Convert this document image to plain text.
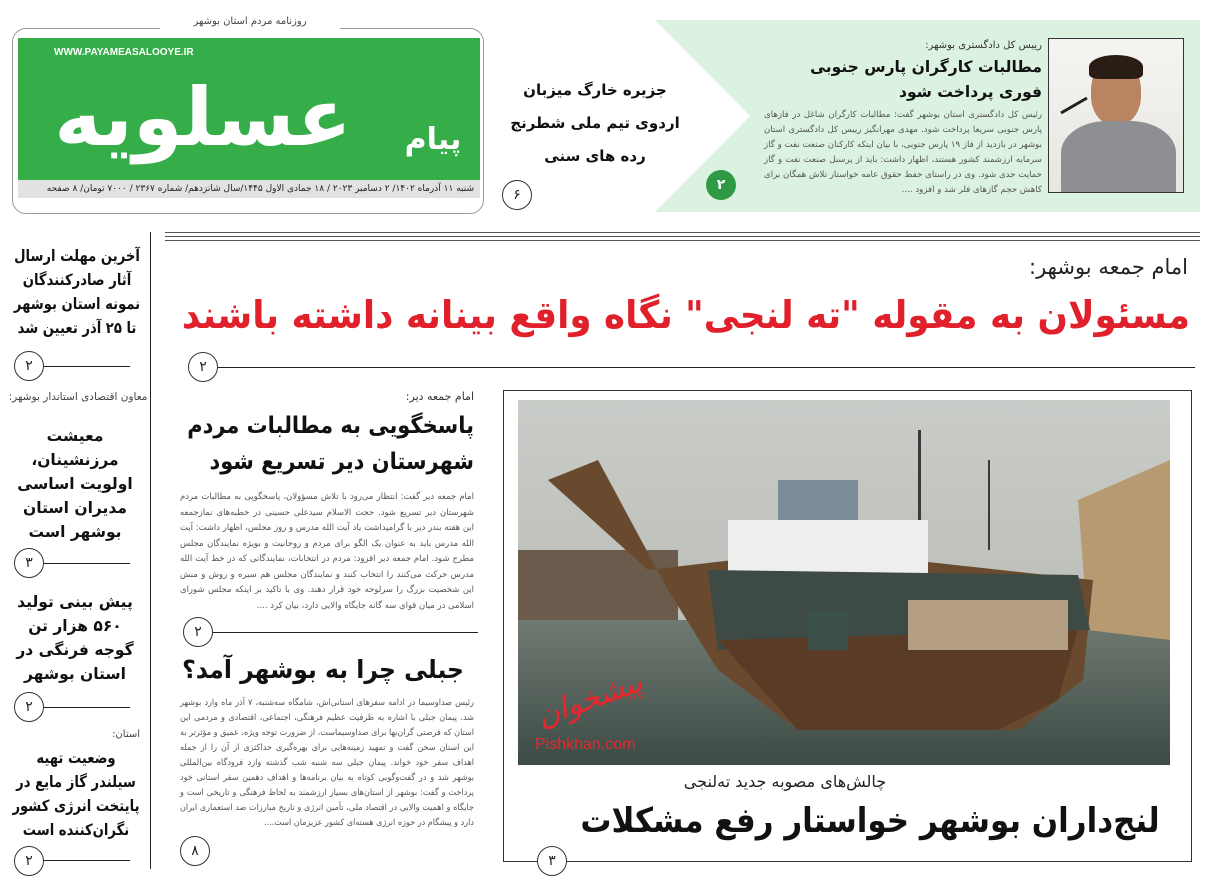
روزنامه مردم استان بوشهر
WWW.PAYAMEASALOOYE.IR
عسلویه	پیام
شنبه ۱۱ آذرماه ۱۴۰۲/ ۲ دسامبر ۲۰۲۳ / ۱۸ جمادی الاول ۱۴۴۵/سال شانزدهم/ شماره ۲۳۶۷ / ۷۰۰۰ تومان/ ۸ صفحه
جزیره خارگ میزبان
اردوی تیم ملی شطرنج
رده های سنی
۶
رییس کل دادگستری بوشهر:
مطالبات کارگران پارس جنوبی فوری پرداخت شود
رئیس کل دادگستری استان بوشهر گفت: مطالبات کارگران شاغل در فازهای پارس جنوبی سریعا پرداخت شود. مهدی مهرانگیز رییس کل دادگستری استان بوشهر در بازدید از فاز ۱۹ پارس جنوبی، با بیان اینکه کارکنان صنعت نفت و گاز سرمایه ارزشمند کشور هستند، اظهار داشت: باید از پرسنل صنعت نفت و گاز حمایت جدی شود. وی در راستای حفظ حقوق عامه خواستار تلاش همگان برای کاهش حجم گازهای فلر شد و افزود ....
۲
امام جمعه بوشهر:
مسئولان به مقوله "ته لنجی" نگاه واقع بینانه داشته باشند
۲
امام جمعه دیر:
پاسخگویی به مطالبات مردم شهرستان دیر تسریع شود
امام جمعه دیر گفت: انتظار می‌رود با تلاش مسؤولان، پاسخگویی به مطالبات مردم شهرستان دیر تسریع شود. حجت الاسلام سیدعلی حسینی در خطبه‌های نمازجمعه این هفته بندر دیر با گرامیداشت یاد آیت الله مدرس و روز مجلس، اظهار داشت: آیت الله مدرس باید به عنوان یک الگو برای مردم و روحانیت و بویژه نمایندگان مجلس مطرح شود. امام جمعه دیر افزود: مردم در انتخابات، نمایندگانی که در خط آیت الله مدرس حرکت می‌کنند را انتخاب کنند و نمایندگان مجلس هم سیره و روش و منش این شخصیت بزرگ را سرلوحه خود قرار دهند. وی با تاکید بر اینکه مجلس شورای اسلامی در میان قوای سه گانه جایگاه والایی دارد، بیان کرد ....
۲
جبلی چرا به بوشهر آمد؟
رئیس صداوسیما در ادامه سفرهای استانی‌اش، شامگاه سه‌شنبه، ۷ آذر ماه وارد بوشهر شد. پیمان جبلی با اشاره به ظرفیت عظیم فرهنگی، اجتماعی، اقتصادی و مردمی این استان که فرصتی گران‌بها برای صداوسیماست، از ضرورت توجه ویژه، عمیق و مؤثرتر به این استان سخن گفت و تمهید زمینه‌هایی برای بهره‌گیری حداکثری از آن را از جمله اهداف سفر خود خواند. پیمان جبلی سه شنبه شب گذشته وارد فرودگاه بین‌المللی بوشهر شد و در گفت‌وگویی کوتاه به بیان برنامه‌ها و اهداف دهمین سفر استانی خود پرداخت و گفت: بوشهر از استان‌های بسیار ارزشمند به لحاظ فرهنگی و تاریخی است و جایگاه و اهمیت والایی در اقتصاد ملی، تأمین انرژی و تاریخ مبارزات ضد استعماری ایران دارد و پیشگام در حوزه انرژی هسته‌ای کشور عزیزمان است....
۸
چالش‌های مصوبه جدید ته‌لنجی
لنج‌داران بوشهر خواستار رفع مشکلات
۳
آخرین مهلت ارسال آثار صادرکنندگان نمونه استان بوشهر تا ۲۵ آذر تعیین شد
۲
معاون اقتصادی استاندار بوشهر:
معیشت مرزنشینان، اولویت اساسی مدیران استان بوشهر است
۳
پیش بینی تولید ۵۶۰ هزار تن گوجه فرنگی در استان بوشهر
۲
استان:
وضعیت تهیه سیلندر گاز مایع در پایتخت انرژی کشور نگران‌کننده است
۲
پیشخوان
Pishkhan.com
